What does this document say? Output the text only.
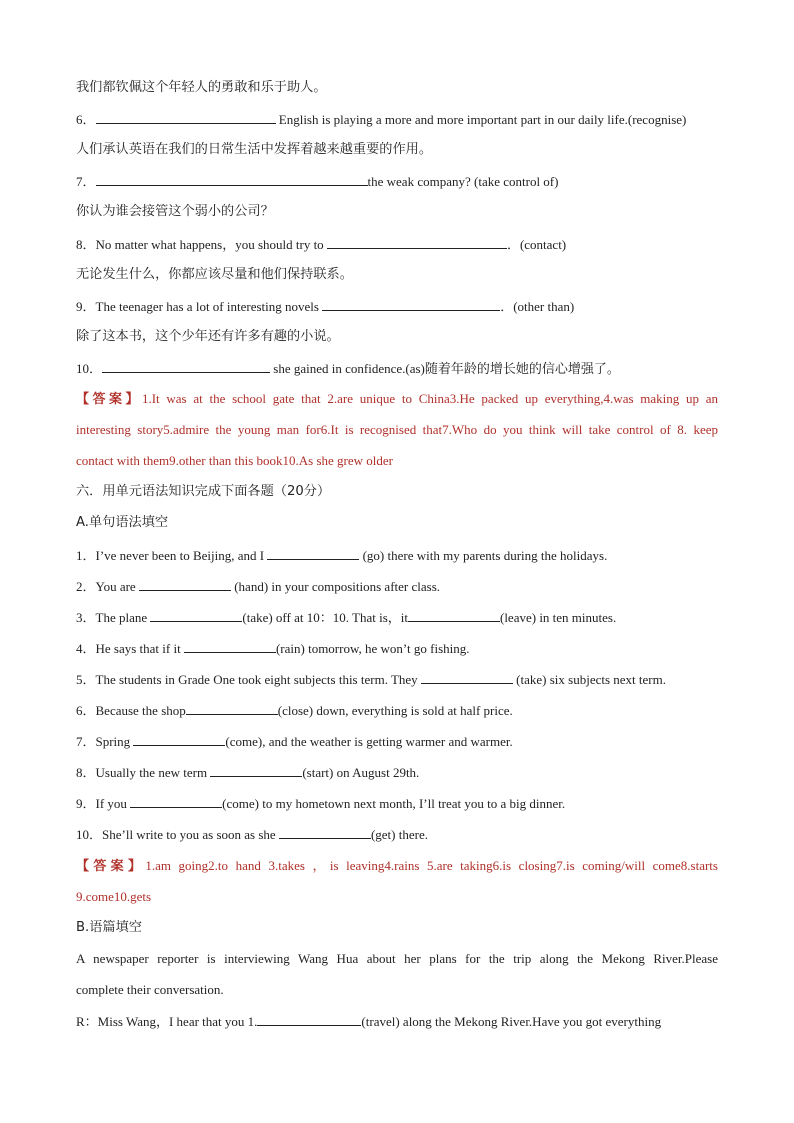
我们都钦佩这个年轻人的勇敢和乐于助人。
6．	English is playing a more and more important part in our daily life.(recognise)
人们承认英语在我们的日常生活中发挥着越来越重要的作用。
7．	the weak company? (take control of)
你认为谁会接管这个弱小的公司？
8．No matter what happens，you should try to	．(contact)
无论发生什么，你都应该尽量和他们保持联系。
9．The teenager has a lot of interesting novels	．(other than)
除了这本书，这个少年还有许多有趣的小说。
10．	she gained in confidence.(as)随着年龄的增长她的信心增强了。
【答案】1.It was at the school gate that 2.are unique to China3.He packed up everything,4.was making up an
interesting story5.admire the young man for6.It is recognised that7.Who do you think will take control of 8. keep
contact with them9.other than this book10.As she grew older
六．用单元语法知识完成下面各题（20分）
A.单句语法填空
1．I’ve never been to Beijing, and I	(go) there with my parents during the holidays.
2．You are	(hand) in your compositions after class.
3．The plane	(take) off at 10：10. That is，it	(leave) in ten minutes.
4．He says that if it	(rain) tomorrow, he won’t go fishing.
5．The students in Grade One took eight subjects this term. They	(take) six subjects next term.
6．Because the shop	(close) down, everything is sold at half price.
7．Spring	(come), and the weather is getting warmer and warmer.
8．Usually the new term	(start) on August 29th.
9．If you	(come) to my hometown next month, I’ll treat you to a big dinner.
10．She’ll write to you as soon as she	(get) there.
【答案】1.am going2.to hand 3.takes ，is leaving4.rains 5.are taking6.is closing7.is coming/will come8.starts
9.come10.gets
B.语篇填空
A newspaper reporter is interviewing Wang Hua about her plans for the trip along the Mekong River.Please
complete their conversation.
R：Miss Wang，I hear that you 1.	(travel) along the Mekong River.Have you got everything
